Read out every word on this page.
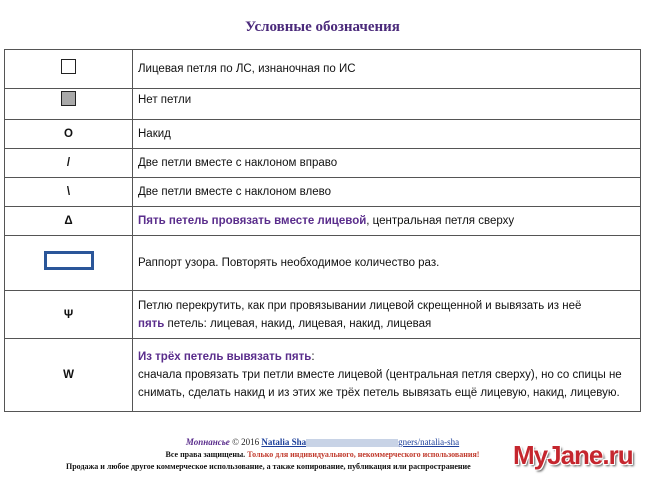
Условные обозначения
	Лицевая петля по ЛС, изнаночная по ИС
	Нет петли
O	Накид
/	Две петли вместе с наклоном вправо
\	Две петли вместе с наклоном влево
Δ	Пять петель провязать вместе лицевой, центральная петля сверху
	Раппорт узора. Повторять необходимое количество раз.
Ψ	Петлю перекрутить, как при провязывании лицевой скрещенной и вывязать из неё
пять петель: лицевая, накид, лицевая, накид, лицевая
W	Из трёх петель вывязать пять:
сначала провязать три петли вместе лицевой (центральная петля сверху), но со спицы не снимать, сделать накид и из этих же трёх петель вывязать ещё лицевую, накид, лицевую.
Мопнансье © 2016 Natalia Sha	gners/natalia-sha
Все права защищены. Только для индивидуального, некоммерческого использования!
Продажа и любое другое коммерческое использование, а также копирование, публикация или распространение	MyJane.ru
